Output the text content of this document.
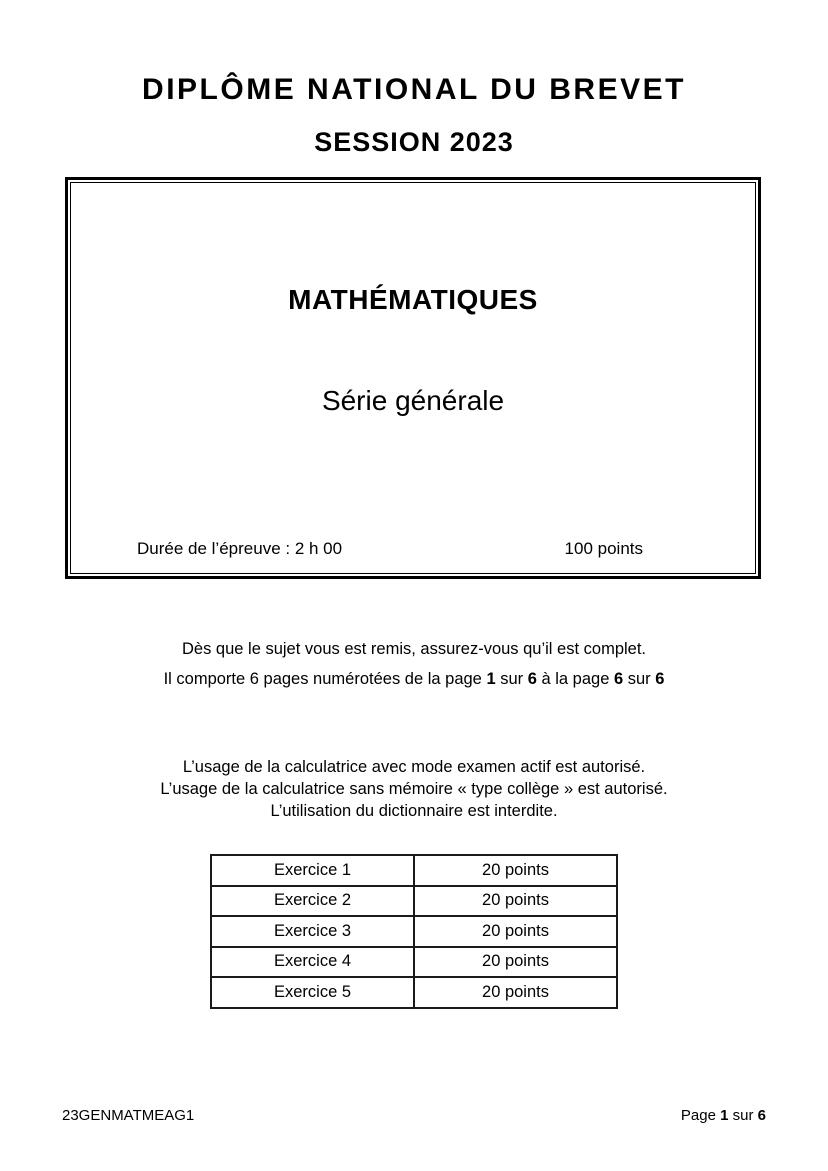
DIPLÔME NATIONAL DU BREVET
SESSION 2023
MATHÉMATIQUES
Série générale
Durée de l’épreuve : 2 h 00	100 points

Dès que le sujet vous est remis, assurez-vous qu’il est complet.

Il comporte 6 pages numérotées de la page 1 sur 6 à la page 6 sur 6

L’usage de la calculatrice avec mode examen actif est autorisé.

L’usage de la calculatrice sans mémoire « type collège » est autorisé.

L’utilisation du dictionnaire est interdite.

Exercice 1	20 points
Exercice 2	20 points
Exercice 3	20 points
Exercice 4	20 points
Exercice 5	20 points
23GENMATMEAG1	Page 1 sur 6
